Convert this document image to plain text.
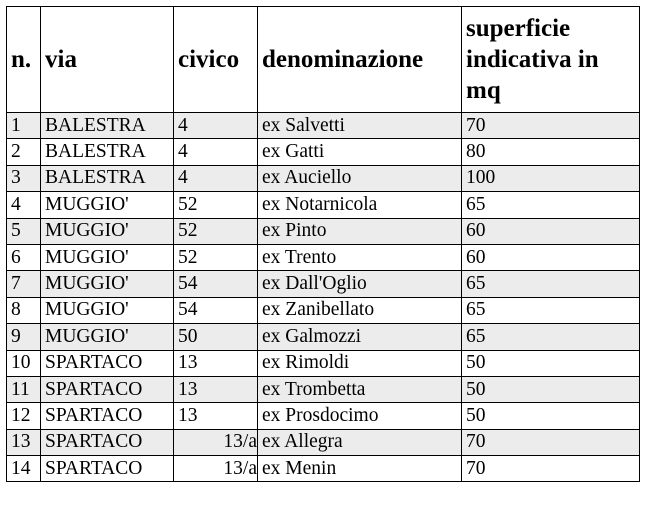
n.	via	civico	denominazione	superficie indicativa in mq
1	BALESTRA	4	ex Salvetti	70
2	BALESTRA	4	ex Gatti	80
3	BALESTRA	4	ex Auciello	100
4	MUGGIO'	52	ex Notarnicola	65
5	MUGGIO'	52	ex Pinto	60
6	MUGGIO'	52	ex Trento	60
7	MUGGIO'	54	ex Dall'Oglio	65
8	MUGGIO'	54	ex Zanibellato	65
9	MUGGIO'	50	ex Galmozzi	65
10	SPARTACO	13	ex Rimoldi	50
11	SPARTACO	13	ex Trombetta	50
12	SPARTACO	13	ex Prosdocimo	50
13	SPARTACO	13/a	ex Allegra	70
14	SPARTACO	13/a	ex Menin	70
